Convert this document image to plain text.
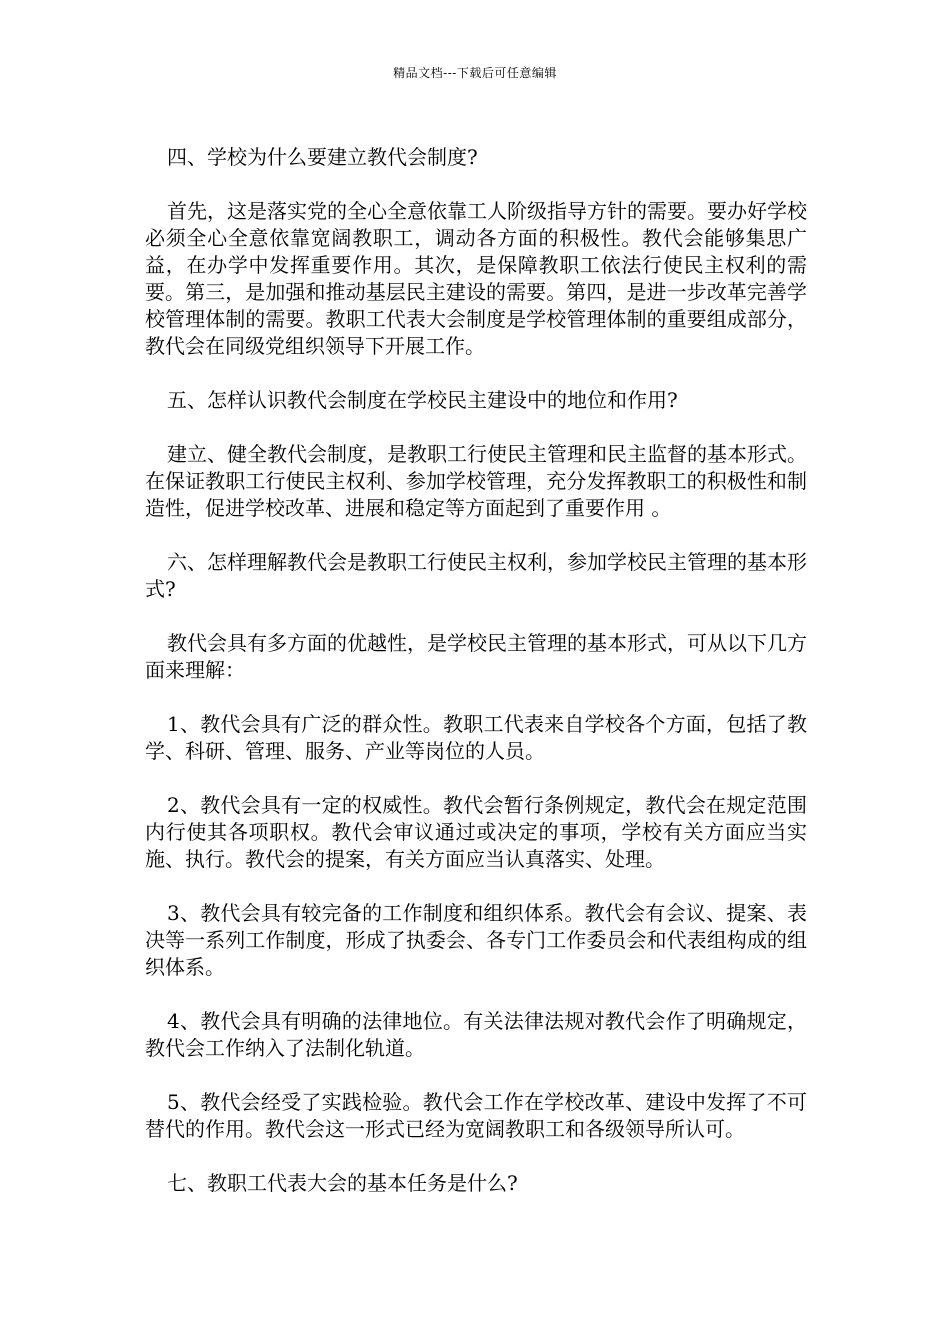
精品文档---下载后可任意编辑

四、学校为什么要建立教代会制度?

首先，这是落实党的全心全意依靠工人阶级指导方针的需要。要办好学校必须全心全意依靠宽阔教职工，调动各方面的积极性。教代会能够集思广益，在办学中发挥重要作用。其次，是保障教职工依法行使民主权利的需要。第三，是加强和推动基层民主建设的需要。第四，是进一步改革完善学校管理体制的需要。教职工代表大会制度是学校管理体制的重要组成部分，教代会在同级党组织领导下开展工作。

五、怎样认识教代会制度在学校民主建设中的地位和作用?

建立、健全教代会制度，是教职工行使民主管理和民主监督的基本形式。在保证教职工行使民主权利、参加学校管理，充分发挥教职工的积极性和制造性，促进学校改革、进展和稳定等方面起到了重要作用 。

六、怎样理解教代会是教职工行使民主权利，参加学校民主管理的基本形式?

教代会具有多方面的优越性，是学校民主管理的基本形式，可从以下几方面来理解：

1、教代会具有广泛的群众性。教职工代表来自学校各个方面，包括了教学、科研、管理、服务、产业等岗位的人员。

2、教代会具有一定的权威性。教代会暂行条例规定，教代会在规定范围内行使其各项职权。教代会审议通过或决定的事项，学校有关方面应当实施、执行。教代会的提案，有关方面应当认真落实、处理。

3、教代会具有较完备的工作制度和组织体系。教代会有会议、提案、表决等一系列工作制度，形成了执委会、各专门工作委员会和代表组构成的组织体系。

4、教代会具有明确的法律地位。有关法律法规对教代会作了明确规定，教代会工作纳入了法制化轨道。

5、教代会经受了实践检验。教代会工作在学校改革、建设中发挥了不可替代的作用。教代会这一形式已经为宽阔教职工和各级领导所认可。

七、教职工代表大会的基本任务是什么?
